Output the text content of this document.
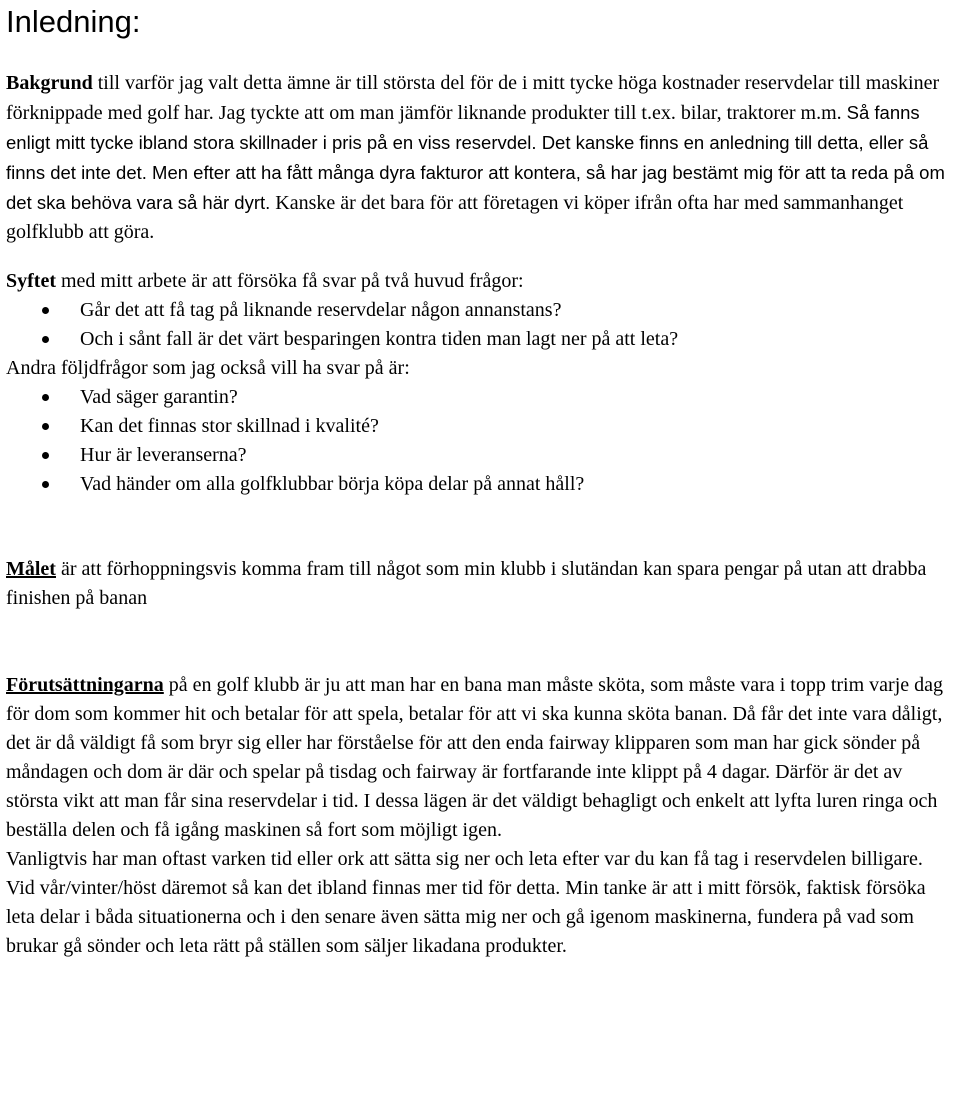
Inledning:

Bakgrund till varför jag valt detta ämne är till största del för de i mitt tycke höga kostnader reservdelar till maskiner förknippade med golf har. Jag tyckte att om man jämför liknande produkter till t.ex. bilar, traktorer m.m. Så fanns enligt mitt tycke ibland stora skillnader i pris på en viss reservdel. Det kanske finns en anledning till detta, eller så finns det inte det. Men efter att ha fått många dyra fakturor att kontera, så har jag bestämt mig för att ta reda på om det ska behöva vara så här dyrt. Kanske är det bara för att företagen vi köper ifrån ofta har med sammanhanget golfklubb att göra.

Syftet med mitt arbete är att försöka få svar på två huvud frågor:

Går det att få tag på liknande reservdelar någon annanstans?
Och i sånt fall är det värt besparingen kontra tiden man lagt ner på att leta?

Andra följdfrågor som jag också vill ha svar på är:

Vad säger garantin?
Kan det finnas stor skillnad i kvalité?
Hur är leveranserna?
Vad händer om alla golfklubbar börja köpa delar på annat håll?

Målet är att förhoppningsvis komma fram till något som min klubb i slutändan kan spara pengar på utan att drabba finishen på banan

Förutsättningarna på en golf klubb är ju att man har en bana man måste sköta, som måste vara i topp trim varje dag för dom som kommer hit och betalar för att spela, betalar för att vi ska kunna sköta banan. Då får det inte vara dåligt, det är då väldigt få som bryr sig eller har förståelse för att den enda fairway klipparen som man har gick sönder på måndagen och dom är där och spelar på tisdag och fairway är fortfarande inte klippt på 4 dagar. Därför är det av största vikt att man får sina reservdelar i tid. I dessa lägen är det väldigt behagligt och enkelt att lyfta luren ringa och beställa delen och få igång maskinen så fort som möjligt igen.

Vanligtvis har man oftast varken tid eller ork att sätta sig ner och leta efter var du kan få tag i reservdelen billigare.

Vid vår/vinter/höst däremot så kan det ibland finnas mer tid för detta. Min tanke är att i mitt försök, faktisk försöka leta delar i båda situationerna och i den senare även sätta mig ner och gå igenom maskinerna, fundera på vad som brukar gå sönder och leta rätt på ställen som säljer likadana produkter.
